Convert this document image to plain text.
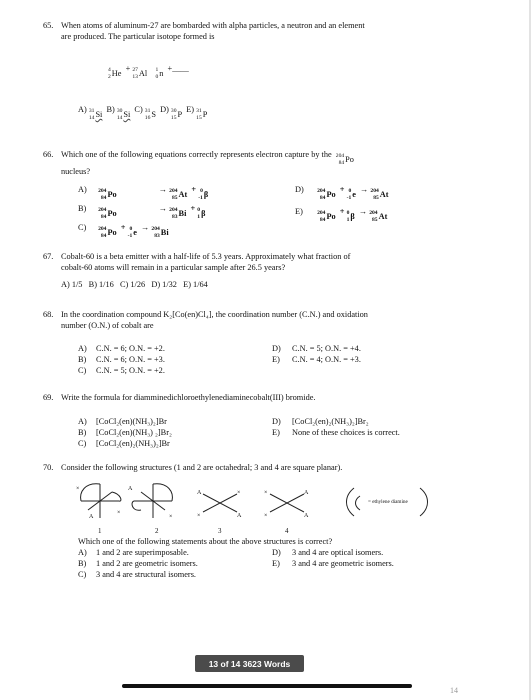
65. When atoms of aluminum-27 are bombarded with alpha particles, a neutron and an element
are produced. The particular isotope formed is
4
2 He
+ 27
13 Al
1
0 n
+____
A) 31
14 Si
B) 30
14 Si
C) 31
16 S
D) 30
15 P
E) 31
15 P
66. Which one of the following equations correctly represents electron capture by the 204
84 Po
nucleus?
A) 204
84 Po
→ 204
85 At
+ 0
-1 β
B) 204
84 Po
→ 204
83 Bi
+ 0
1 β
C) 204
84 Po
+ 0
-1 e
→ 204
83 Bi
D) 204
84 Po
+ 0
-1 e
→ 204
85 At
E)	204
84 Po
+ 0
1 β
→ 204
85 At
67. Cobalt-60 is a beta emitter with a half-life of 5.3 years. Approximately what fraction of
cobalt-60 atoms will remain in a particular sample after 26.5 years?
A) 1/5   B) 1/16   C) 1/26   D) 1/32   E) 1/64
68. In the coordination compound K₂[Co(en)Cl₄], the coordination number (C.N.) and oxidation
number (O.N.) of cobalt are
A) C.N. = 6; O.N. = +2.
B) C.N. = 6; O.N. = +3.
C) C.N. = 5; O.N. = +2.
D) C.N. = 5; O.N. = +4.
E) C.N. = 4; O.N. = +3.
69. Write the formula for diamminedichloroethylenediaminecobalt(III) bromide.
A) [CoCl₂(en)(NH₃)₂]Br
B) [CoCl₂(en)(NH₃) ₂]Br₂
C) [CoCl₂(en)₂(NH₃)₂]Br
D) [CoCl₂(en)₂(NH₃)₂]Br₂
E) None of these choices is correct.
70. Consider the following structures (1 and 2 are octahedral; 3 and 4 are square planar).
×
×
A
A
×
A	×
×	A
×	A
×	A
= ethylene diamine
1	2	3	4
Which one of the following statements about the above structures is correct?
A) 1 and 2 are superimposable.
B) 1 and 2 are geometric isomers.
C) 3 and 4 are structural isomers.
D) 3 and 4 are optical isomers.
E) 3 and 4 are geometric isomers.
13 of 14 3623 Words
14
